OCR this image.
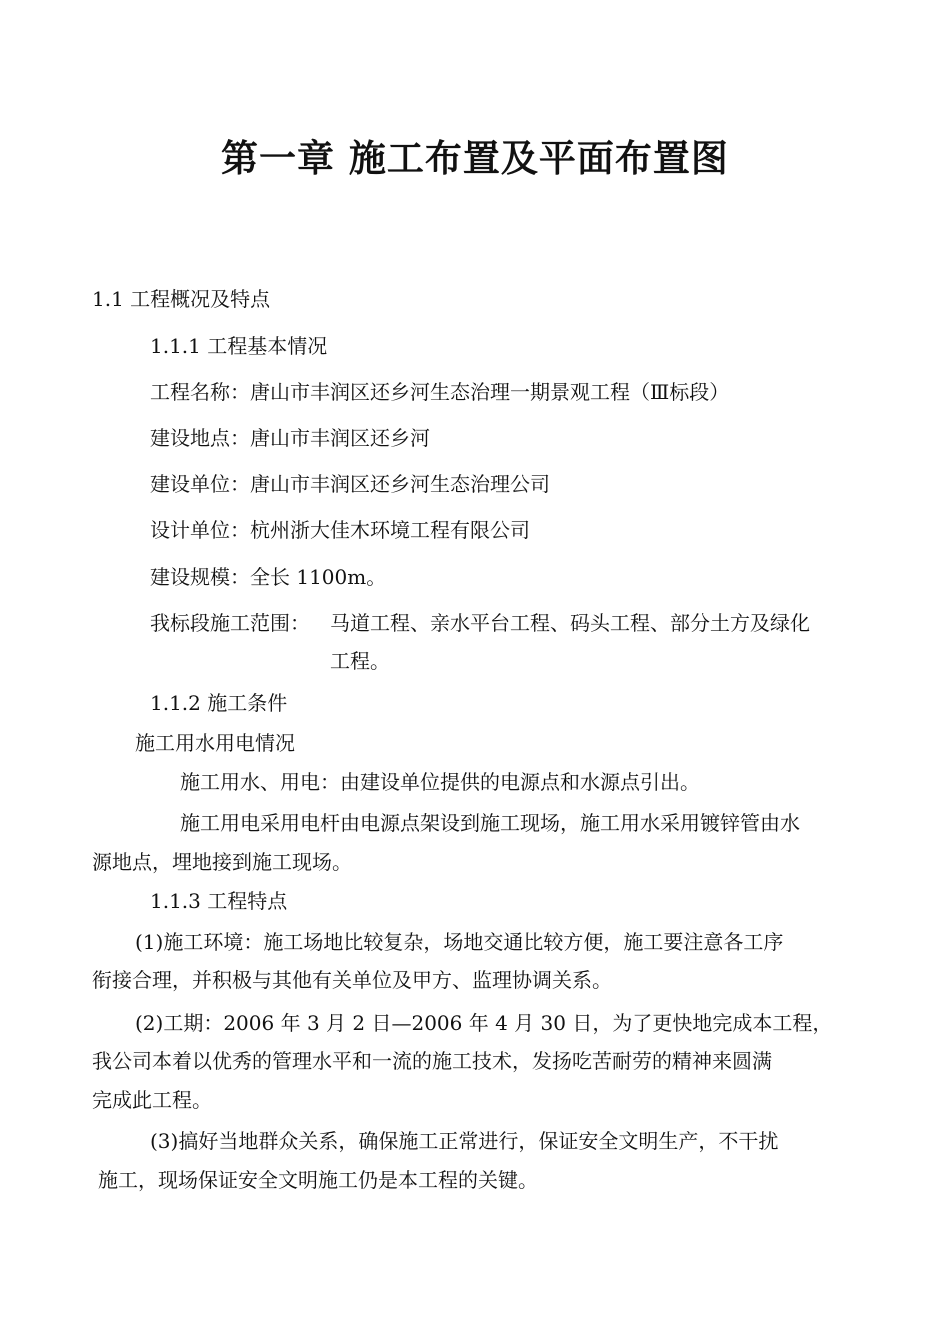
第一章 施工布置及平面布置图
1.1 工程概况及特点
1.1.1 工程基本情况
工程名称：唐山市丰润区还乡河生态治理一期景观工程（Ⅲ标段）
建设地点：唐山市丰润区还乡河
建设单位：唐山市丰润区还乡河生态治理公司
设计单位：杭州浙大佳木环境工程有限公司
建设规模：全长 1100m。
我标段施工范围： 马道工程、亲水平台工程、码头工程、部分土方及绿化
工程。
1.1.2 施工条件
施工用水用电情况
施工用水、用电：由建设单位提供的电源点和水源点引出。
施工用电采用电杆由电源点架设到施工现场，施工用水采用镀锌管由水
源地点，埋地接到施工现场。
1.1.3 工程特点
(1)施工环境：施工场地比较复杂，场地交通比较方便，施工要注意各工序
衔接合理，并积极与其他有关单位及甲方、监理协调关系。
(2)工期：2006 年 3 月 2 日—2006 年 4 月 30 日，为了更快地完成本工程，
我公司本着以优秀的管理水平和一流的施工技术，发扬吃苦耐劳的精神来圆满
完成此工程。
(3)搞好当地群众关系，确保施工正常进行，保证安全文明生产，不干扰
施工，现场保证安全文明施工仍是本工程的关键。
